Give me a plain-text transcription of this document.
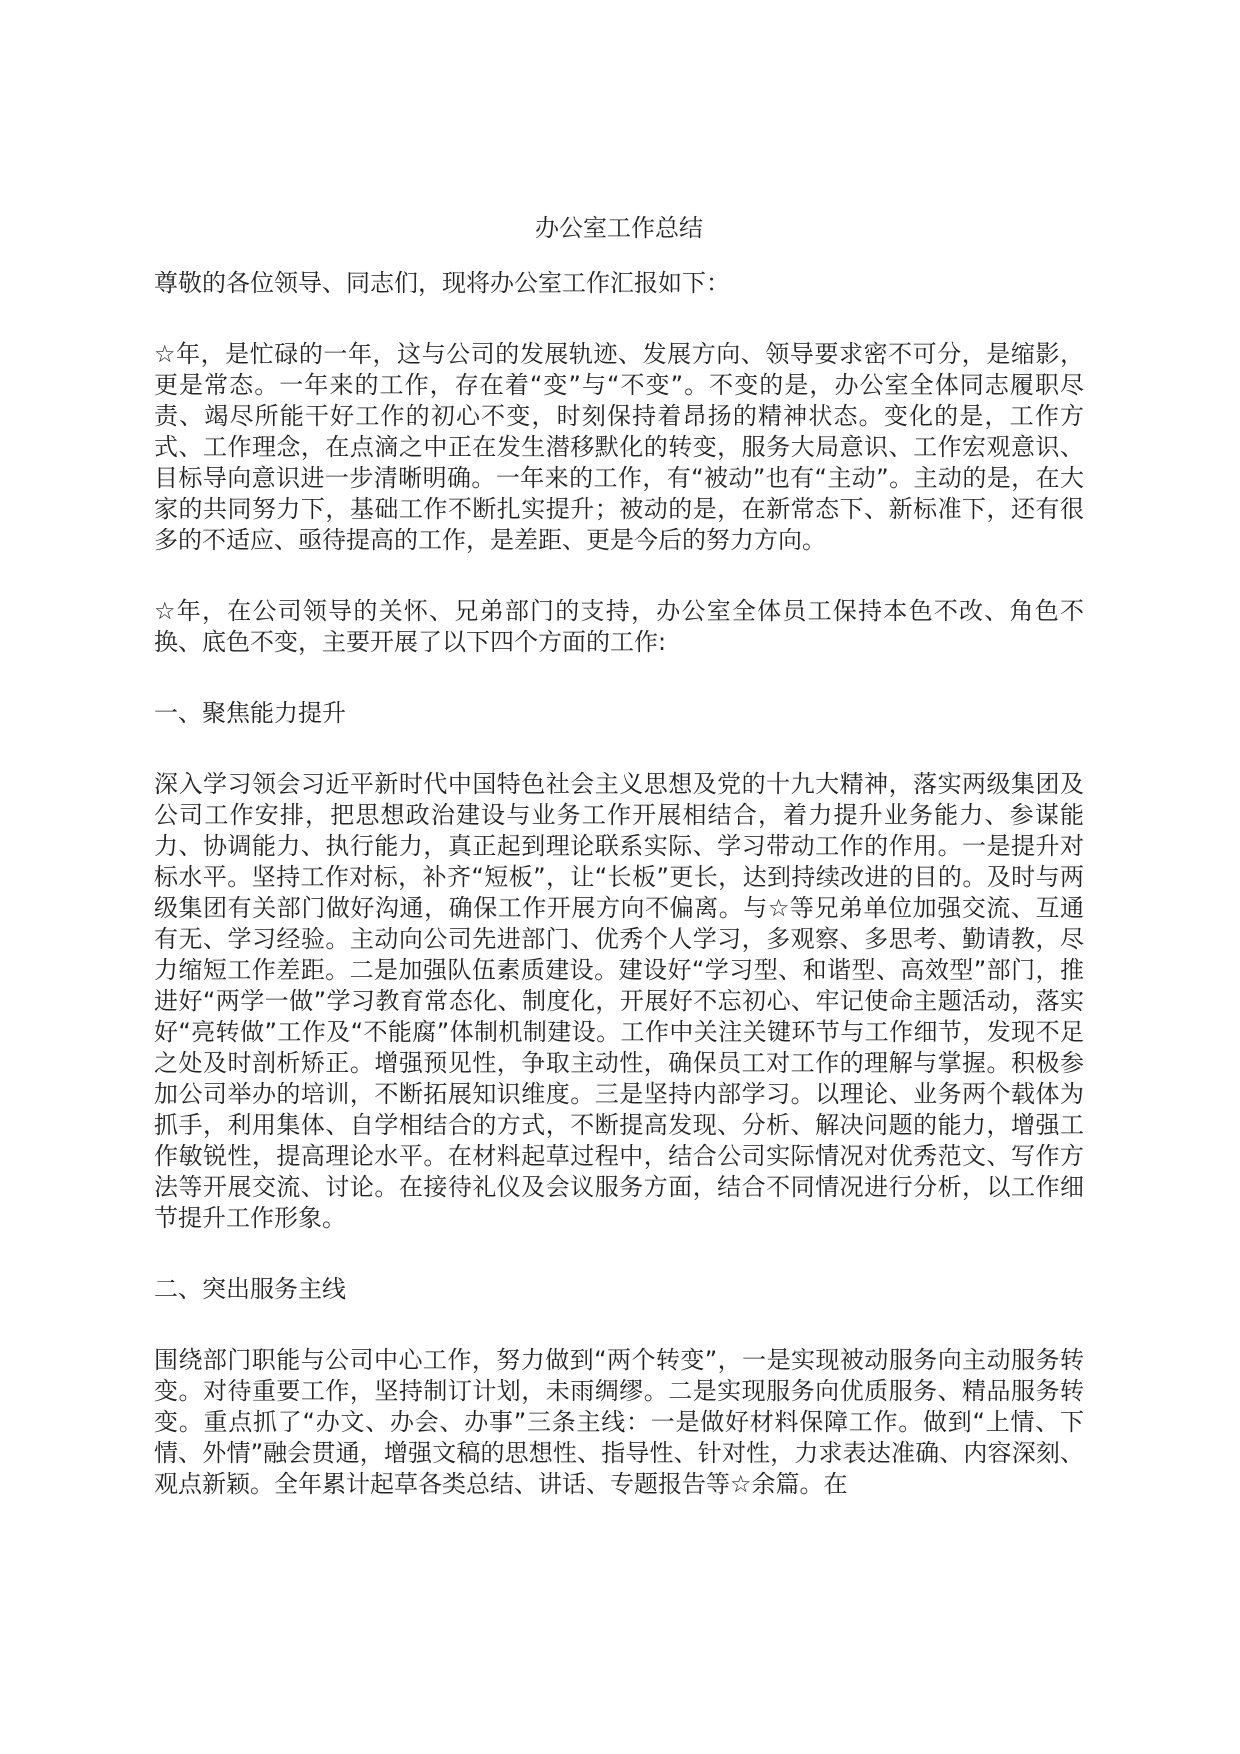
办公室工作总结
尊敬的各位领导、同志们，现将办公室工作汇报如下：
☆年，是忙碌的一年，这与公司的发展轨迹、发展方向、领导要求密不可分，是缩影，更是常态。一年来的工作，存在着“变”与“不变”。不变的是，办公室全体同志履职尽责、竭尽所能干好工作的初心不变，时刻保持着昂扬的精神状态。变化的是，工作方式、工作理念，在点滴之中正在发生潜移默化的转变，服务大局意识、工作宏观意识、目标导向意识进一步清晰明确。一年来的工作，有“被动”也有“主动”。主动的是，在大家的共同努力下，基础工作不断扎实提升；被动的是，在新常态下、新标准下，还有很多的不适应、亟待提高的工作，是差距、更是今后的努力方向。
☆年，在公司领导的关怀、兄弟部门的支持，办公室全体员工保持本色不改、角色不换、底色不变，主要开展了以下四个方面的工作:
一、聚焦能力提升
深入学习领会习近平新时代中国特色社会主义思想及党的十九大精神，落实两级集团及公司工作安排，把思想政治建设与业务工作开展相结合，着力提升业务能力、参谋能力、协调能力、执行能力，真正起到理论联系实际、学习带动工作的作用。一是提升对标水平。坚持工作对标，补齐“短板”，让“长板”更长，达到持续改进的目的。及时与两级集团有关部门做好沟通，确保工作开展方向不偏离。与☆等兄弟单位加强交流、互通有无、学习经验。主动向公司先进部门、优秀个人学习，多观察、多思考、勤请教，尽力缩短工作差距。二是加强队伍素质建设。建设好“学习型、和谐型、高效型”部门，推进好“两学一做”学习教育常态化、制度化，开展好不忘初心、牢记使命主题活动，落实好“亮转做”工作及“不能腐”体制机制建设。工作中关注关键环节与工作细节，发现不足之处及时剖析矫正。增强预见性，争取主动性，确保员工对工作的理解与掌握。积极参加公司举办的培训，不断拓展知识维度。三是坚持内部学习。以理论、业务两个载体为抓手，利用集体、自学相结合的方式，不断提高发现、分析、解决问题的能力，增强工作敏锐性，提高理论水平。在材料起草过程中，结合公司实际情况对优秀范文、写作方法等开展交流、讨论。在接待礼仪及会议服务方面，结合不同情况进行分析，以工作细节提升工作形象。
二、突出服务主线
围绕部门职能与公司中心工作，努力做到“两个转变”，一是实现被动服务向主动服务转变。对待重要工作，坚持制订计划，未雨绸缪。二是实现服务向优质服务、精品服务转变。重点抓了“办文、办会、办事”三条主线：一是做好材料保障工作。做到“上情、下情、外情”融会贯通，增强文稿的思想性、指导性、针对性，力求表达准确、内容深刻、观点新颖。全年累计起草各类总结、讲话、专题报告等☆余篇。在
